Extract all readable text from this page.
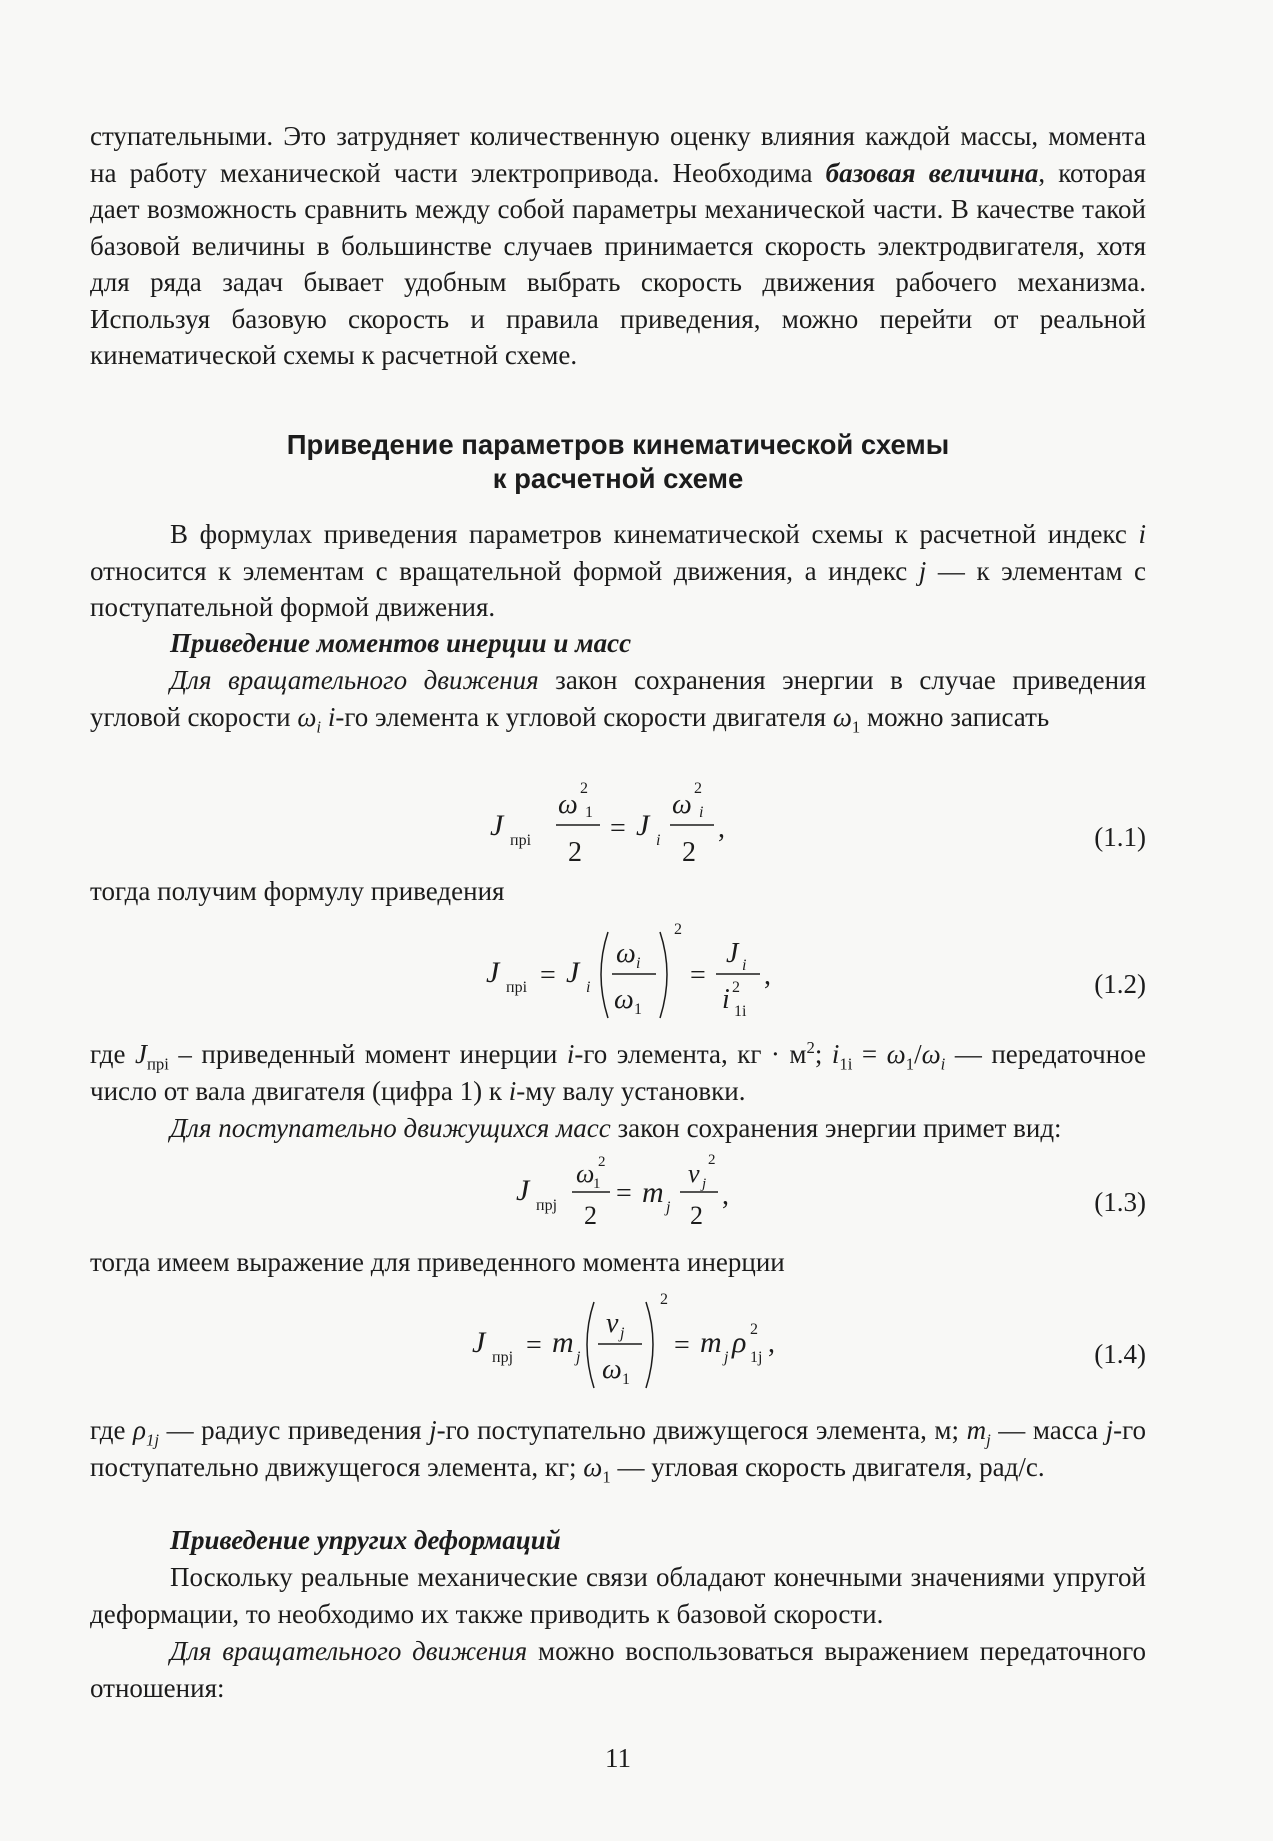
ступательными. Это затрудняет количественную оценку влияния каждой массы, момента на работу механической части электропривода. Необходима базовая величина, которая дает возможность сравнить между собой параметры механической части. В качестве такой базовой величины в большинстве случаев принимается скорость электродвигателя, хотя для ряда задач бывает удобным выбрать скорость движения рабочего механизма. Используя базовую скорость и правила приведения, можно перейти от реальной кинематической схемы к расчетной схеме.

Приведение параметров кинематической схемы
к расчетной схеме

В формулах приведения параметров кинематической схемы к расчетной индекс i относится к элементам с вращательной формой движения, а индекс j — к элементам с поступательной формой движения.

Приведение моментов инерции и масс

Для вращательного движения закон сохранения энергии в случае приведения угловой скорости $\omega_i$ i-го элемента к угловой скорости двигателя $\omega_1$ можно записать

J прi
ω
2
1
2
= J i
ω
2
i
2
,	(1.1)

тогда получим формулу приведения

J прi = J i
ω i
ω 1
2
=
J i
i 2
1i
,	(1.2)

где $J_{прi}$ – приведенный момент инерции i-го элемента, кг · $м^2$; $i_{1i} = \omega_1/\omega_i$ — передаточное число от вала двигателя (цифра 1) к i-му валу установки.

Для поступательно движущихся масс закон сохранения энергии примет вид:

J прj
ω
1
2
2
= m j
v j
2
2
,	(1.3)

тогда имеем выражение для приведенного момента инерции

J прj = m j
v j
ω 1
2
= m j ρ 2
1j ,	(1.4)

где $\rho_{1j}$ — радиус приведения j-го поступательно движущегося элемента, м; $m_j$ — масса j-го поступательно движущегося элемента, кг; $\omega_1$ — угловая скорость двигателя, рад/с.

Приведение упругих деформаций

Поскольку реальные механические связи обладают конечными значениями упругой деформации, то необходимо их также приводить к базовой скорости.

Для вращательного движения можно воспользоваться выражением передаточного отношения:

11
